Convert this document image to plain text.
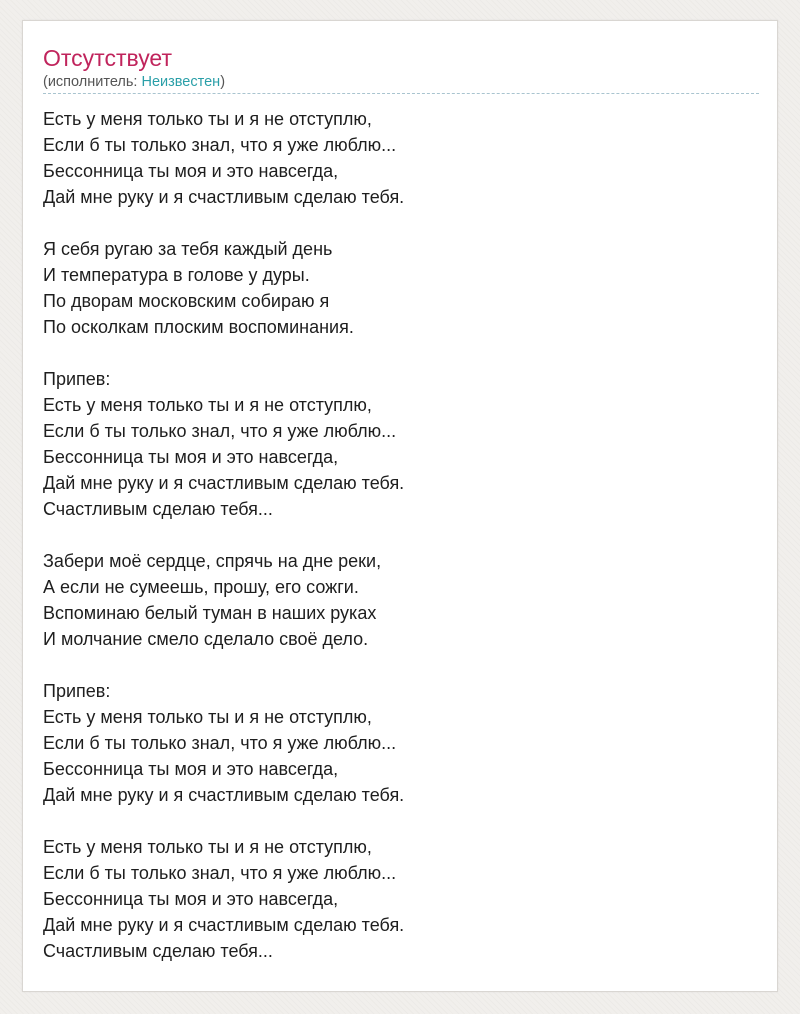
Отсутствует
(исполнитель: Неизвестен)
Есть у меня только ты и я не отступлю,
Если б ты только знал, что я уже люблю...
Бессонница ты моя и это навсегда,
Дай мне руку и я счастливым сделаю тебя.
Я себя ругаю за тебя каждый день
И температура в голове у дуры.
По дворам московским собираю я
По осколкам плоским воспоминания.
Припев:
Есть у меня только ты и я не отступлю,
Если б ты только знал, что я уже люблю...
Бессонница ты моя и это навсегда,
Дай мне руку и я счастливым сделаю тебя.
Счастливым сделаю тебя...
Забери моё сердце, спрячь на дне реки,
А если не сумеешь, прошу, его сожги.
Вспоминаю белый туман в наших руках
И молчание смело сделало своё дело.
Припев:
Есть у меня только ты и я не отступлю,
Если б ты только знал, что я уже люблю...
Бессонница ты моя и это навсегда,
Дай мне руку и я счастливым сделаю тебя.
Есть у меня только ты и я не отступлю,
Если б ты только знал, что я уже люблю...
Бессонница ты моя и это навсегда,
Дай мне руку и я счастливым сделаю тебя.
Счастливым сделаю тебя...
